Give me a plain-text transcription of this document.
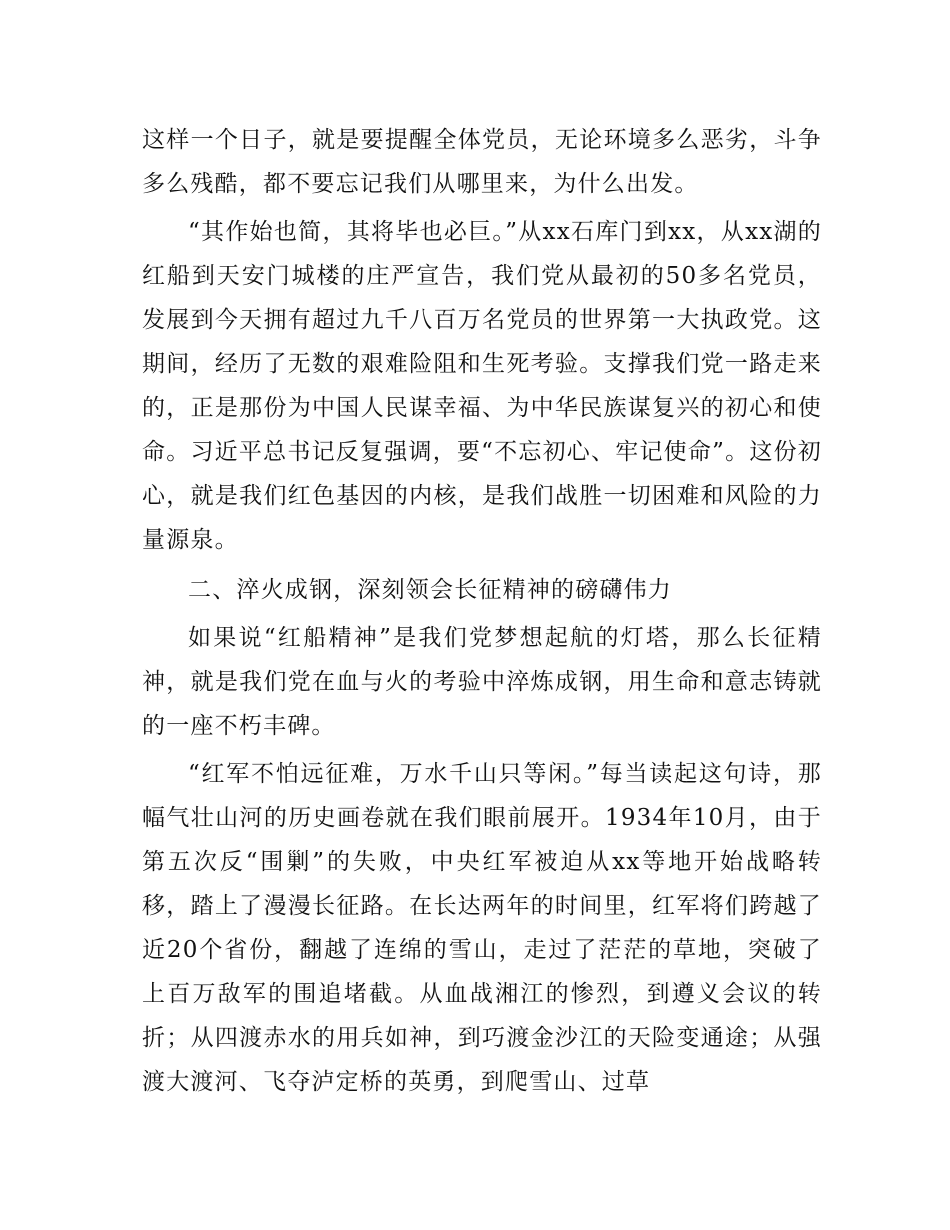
这样一个日子，就是要提醒全体党员，无论环境多么恶劣，斗争多么残酷，都不要忘记我们从哪里来，为什么出发。

“其作始也简，其将毕也必巨。”从xx石库门到xx，从xx湖的红船到天安门城楼的庄严宣告，我们党从最初的50多名党员，发展到今天拥有超过九千八百万名党员的世界第一大执政党。这期间，经历了无数的艰难险阻和生死考验。支撑我们党一路走来的，正是那份为中国人民谋幸福、为中华民族谋复兴的初心和使命。习近平总书记反复强调，要“不忘初心、牢记使命”。这份初心，就是我们红色基因的内核，是我们战胜一切困难和风险的力量源泉。

二、淬火成钢，深刻领会长征精神的磅礴伟力

如果说“红船精神”是我们党梦想起航的灯塔，那么长征精神，就是我们党在血与火的考验中淬炼成钢，用生命和意志铸就的一座不朽丰碑。

“红军不怕远征难，万水千山只等闲。”每当读起这句诗，那幅气壮山河的历史画卷就在我们眼前展开。1934年10月，由于第五次反“围剿”的失败，中央红军被迫从xx等地开始战略转移，踏上了漫漫长征路。在长达两年的时间里，红军将们跨越了近20个省份，翻越了连绵的雪山，走过了茫茫的草地，突破了上百万敌军的围追堵截。从血战湘江的惨烈，到遵义会议的转折；从四渡赤水的用兵如神，到巧渡金沙江的天险变通途；从强渡大渡河、飞夺泸定桥的英勇，到爬雪山、过草
